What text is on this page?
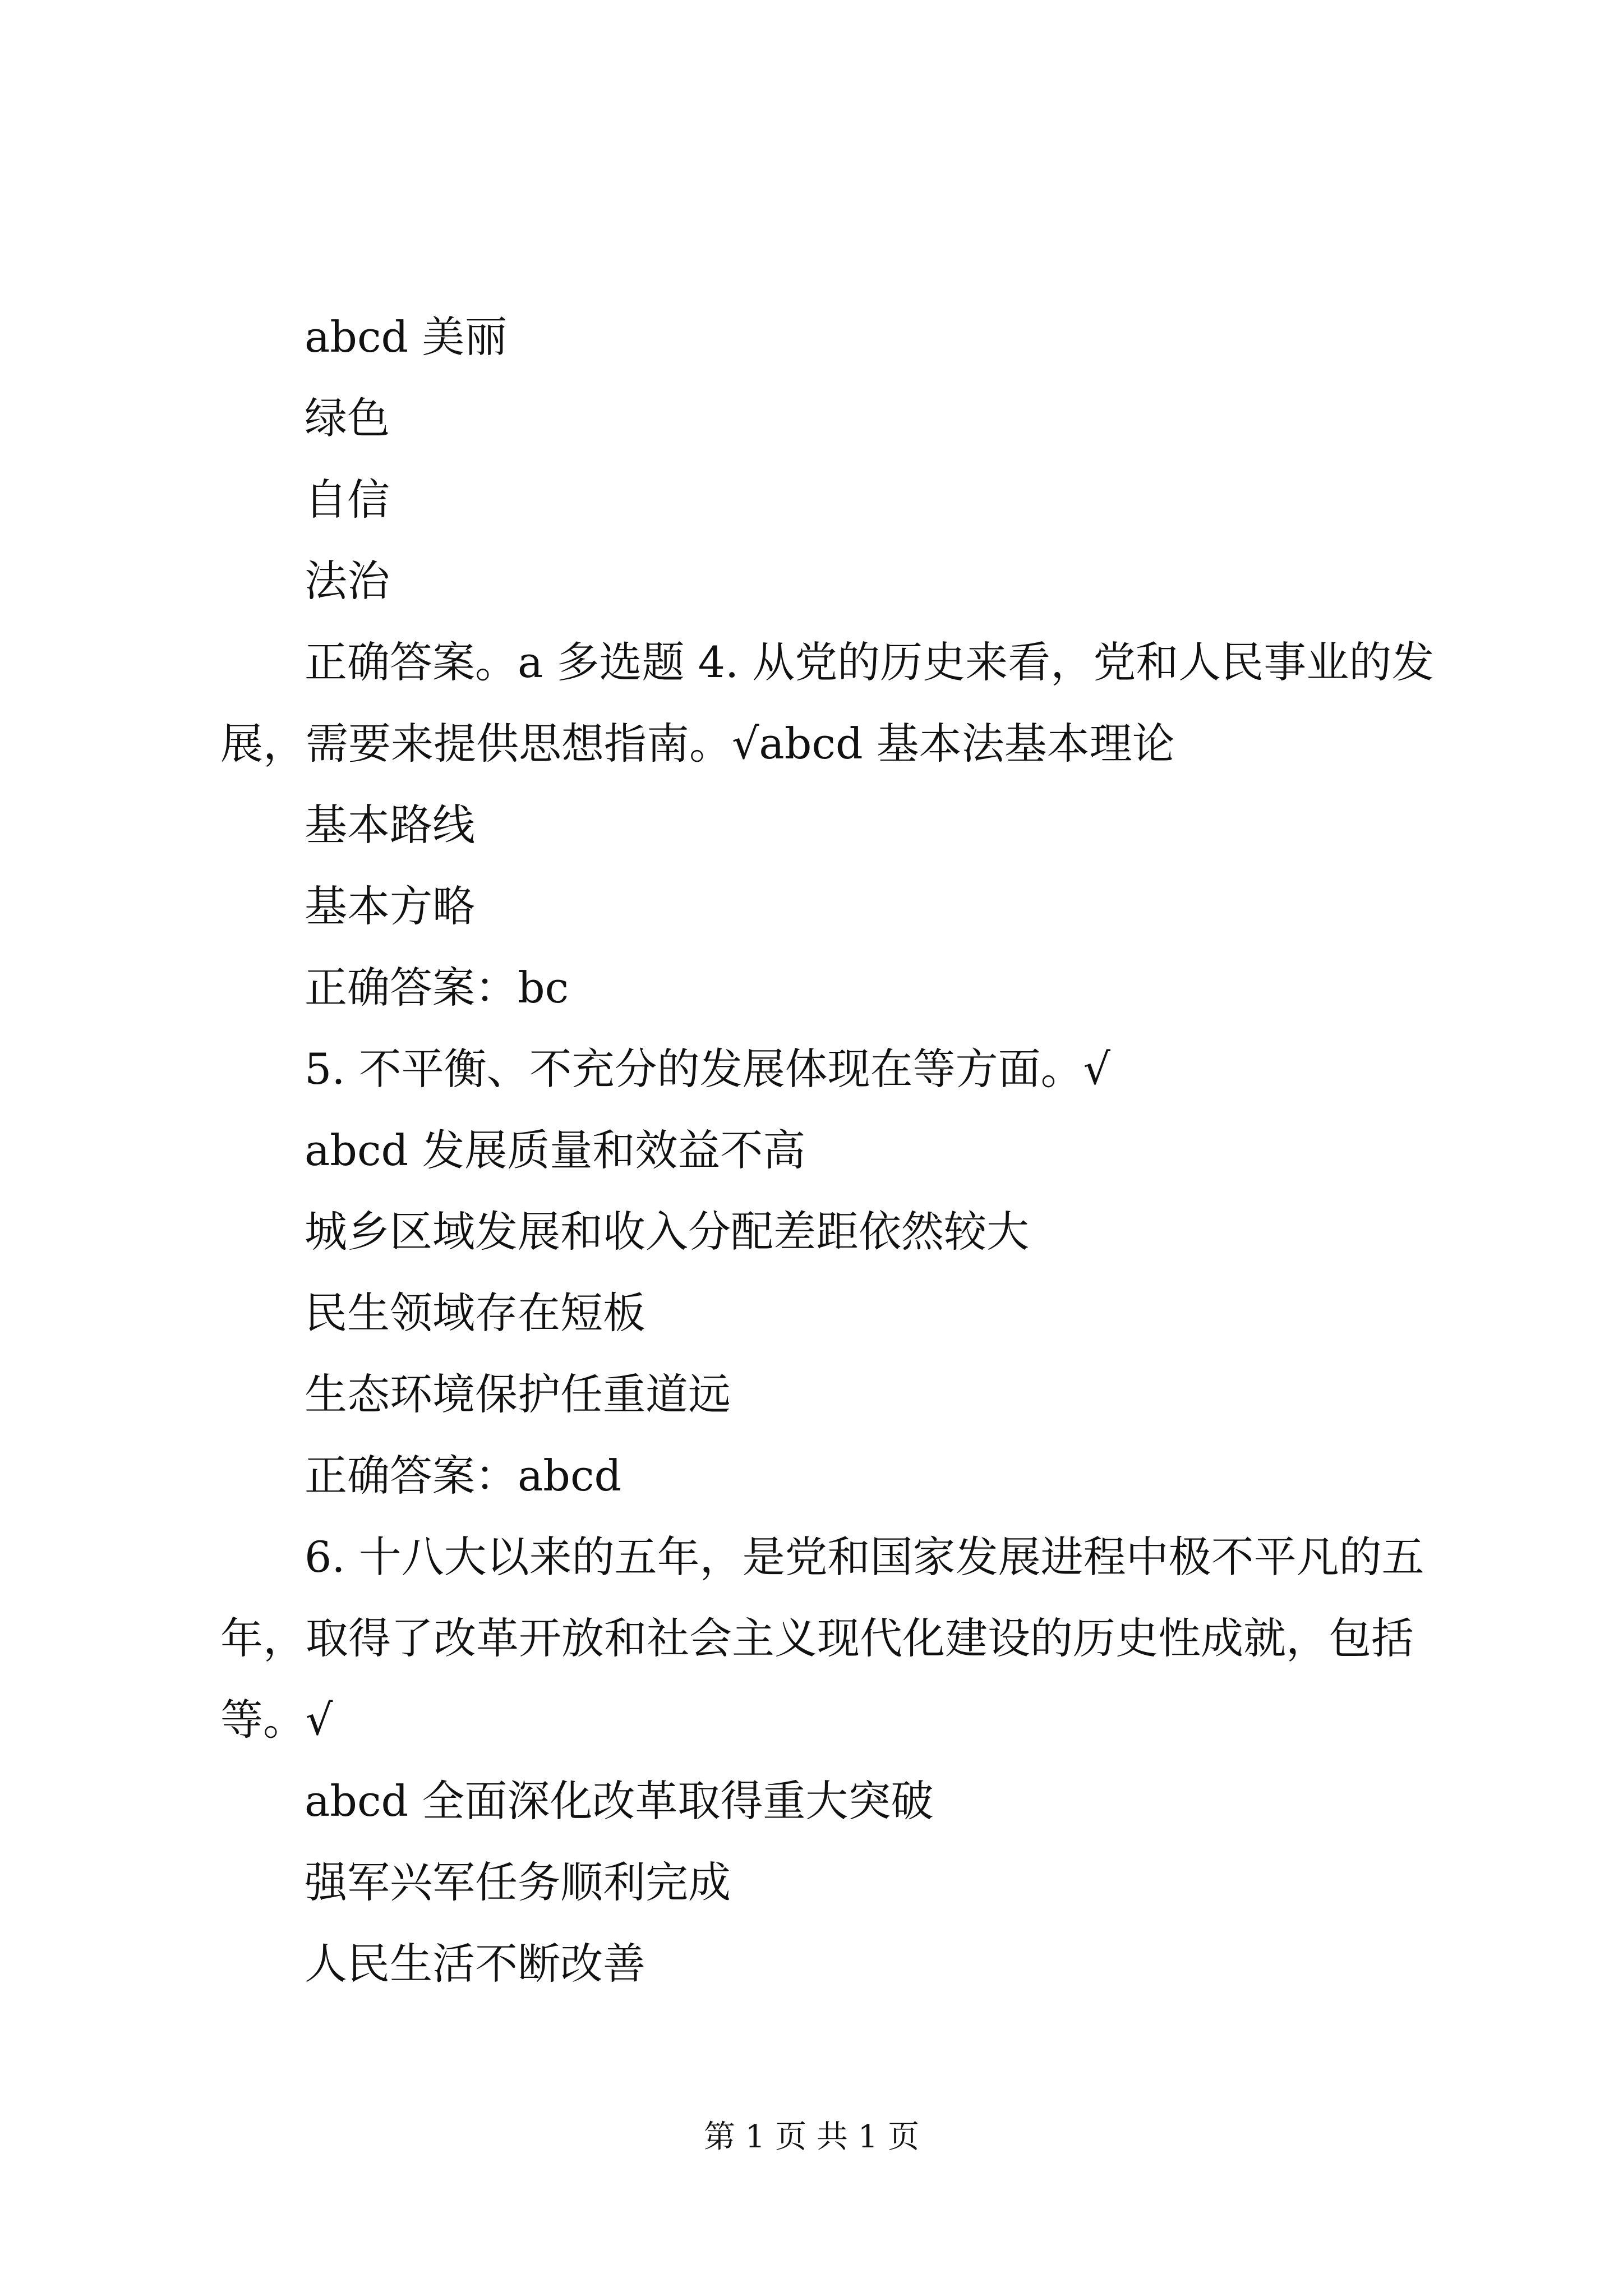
abcd 美丽

绿色

自信

法治

正确答案。a 多选题 4. 从党的历史来看，党和人民事业的发

展，需要来提供思想指南。√abcd 基本法基本理论

基本路线

基本方略

正确答案：bc

5. 不平衡、不充分的发展体现在等方面。√

abcd 发展质量和效益不高

城乡区域发展和收入分配差距依然较大

民生领域存在短板

生态环境保护任重道远

正确答案：abcd

6. 十八大以来的五年，是党和国家发展进程中极不平凡的五

年，取得了改革开放和社会主义现代化建设的历史性成就，包括

等。√

abcd 全面深化改革取得重大突破

强军兴军任务顺利完成

人民生活不断改善

第 1 页 共 1 页
